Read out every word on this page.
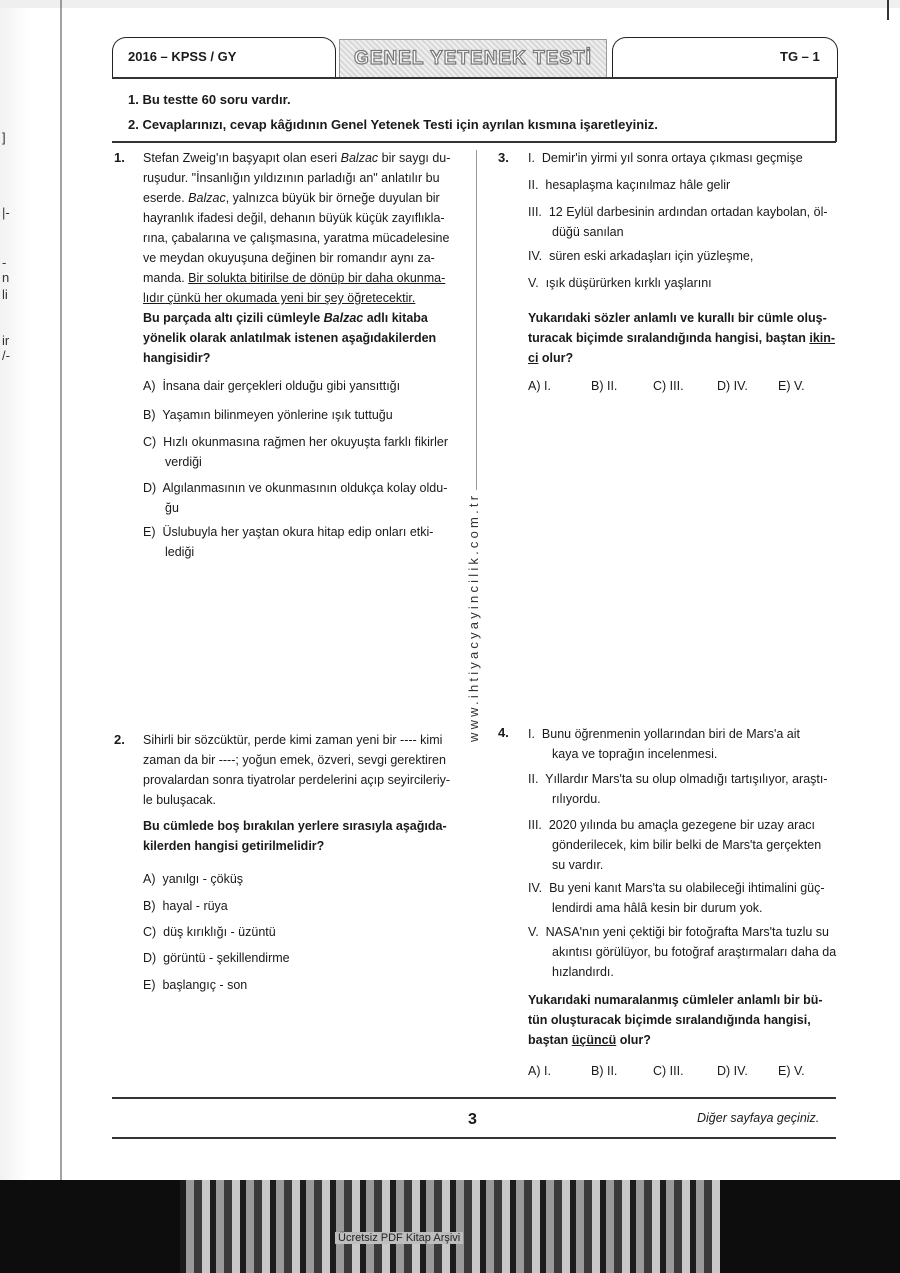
]
|-
-
n
li
ir
/-
2016 – KPSS / GY	GENEL YETENEK TESTİ	TG – 1
1. Bu testte 60 soru vardır.
2. Cevaplarınızı, cevap kâğıdının Genel Yetenek Testi için ayrılan kısmına işaretleyiniz.
www.ihtiyacyayincilik.com.tr
1. Stefan Zweig'ın başyapıt olan eseri Balzac bir saygı du-
ruşudur. "İnsanlığın yıldızının parladığı an" anlatılır bu
eserde. Balzac, yalnızca büyük bir örneğe duyulan bir
hayranlık ifadesi değil, dehanın büyük küçük zayıflıkla-
rına, çabalarına ve çalışmasına, yaratma mücadelesine
ve meydan okuyuşuna değinen bir romandır aynı za-
manda. Bir solukta bitirilse de dönüp bir daha okunma-
lıdır çünkü her okumada yeni bir şey öğretecektir.
Bu parçada altı çizili cümleyle Balzac adlı kitaba
yönelik olarak anlatılmak istenen aşağıdakilerden
hangisidir?
A) İnsana dair gerçekleri olduğu gibi yansıttığı
B) Yaşamın bilinmeyen yönlerine ışık tuttuğu
C) Hızlı okunmasına rağmen her okuyuşta farklı fikirler
verdiği
D) Algılanmasının ve okunmasının oldukça kolay oldu-
ğu
E) Üslubuyla her yaştan okura hitap edip onları etki-
lediği
2. Sihirli bir sözcüktür, perde kimi zaman yeni bir ---- kimi
zaman da bir ----; yoğun emek, özveri, sevgi gerektiren
provalardan sonra tiyatrolar perdelerini açıp seyircileriy-
le buluşacak.
Bu cümlede boş bırakılan yerlere sırasıyla aşağıda-
kilerden hangisi getirilmelidir?
A) yanılgı - çöküş
B) hayal - rüya
C) düş kırıklığı - üzüntü
D) görüntü - şekillendirme
E) başlangıç - son
3. I. Demir'in yirmi yıl sonra ortaya çıkması geçmişe
II. hesaplaşma kaçınılmaz hâle gelir
III. 12 Eylül darbesinin ardından ortadan kaybolan, öl-
düğü sanılan
IV. süren eski arkadaşları için yüzleşme,
V. ışık düşürürken kırklı yaşlarını
Yukarıdaki sözler anlamlı ve kurallı bir cümle oluş-
turacak biçimde sıralandığında hangisi, baştan ikin-
ci olur?
A) I.	B) II.	C) III.	D) IV. E) V.
4. I. Bunu öğrenmenin yollarından biri de Mars'a ait
kaya ve toprağın incelenmesi.
II. Yıllardır Mars'ta su olup olmadığı tartışılıyor, araştı-
rılıyordu.
III. 2020 yılında bu amaçla gezegene bir uzay aracı
gönderilecek, kim bilir belki de Mars'ta gerçekten
su vardır.
IV. Bu yeni kanıt Mars'ta su olabileceği ihtimalini güç-
lendirdi ama hâlâ kesin bir durum yok.
V. NASA'nın yeni çektiği bir fotoğrafta Mars'ta tuzlu su
akıntısı görülüyor, bu fotoğraf araştırmaları daha da
hızlandırdı.
Yukarıdaki numaralanmış cümleler anlamlı bir bü-
tün oluşturacak biçimde sıralandığında hangisi,
baştan üçüncü olur?
A) I.	B) II.	C) III.	D) IV. E) V.
3	Diğer sayfaya geçiniz.
Ücretsiz PDF Kitap Arşivi
